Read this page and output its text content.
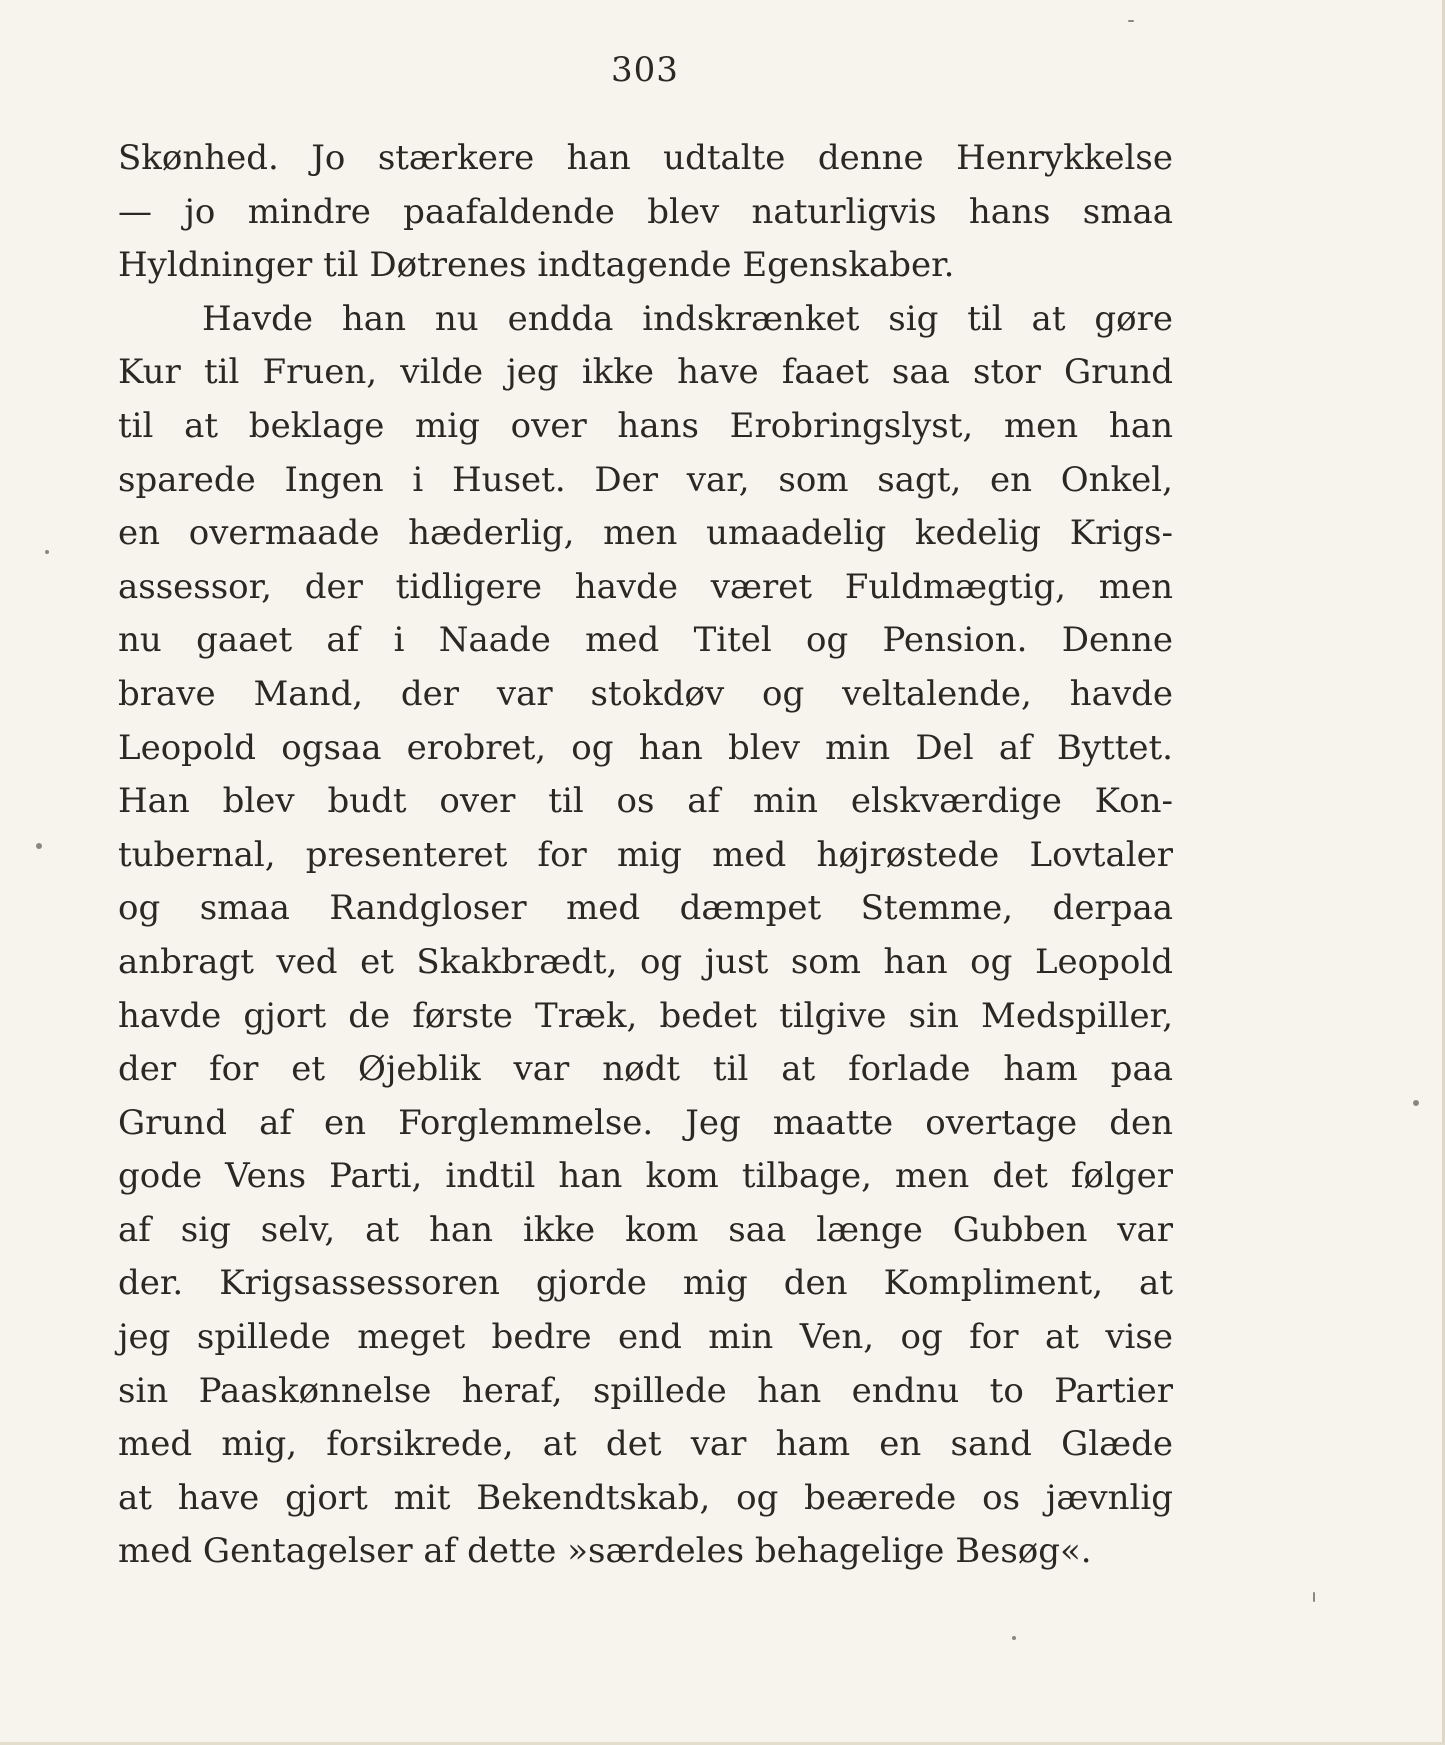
303
Skønhed. Jo stærkere han udtalte denne Henrykkelse
— jo mindre paafaldende blev naturligvis hans smaa
Hyldninger til Døtrenes indtagende Egenskaber.
Havde han nu endda indskrænket sig til at gøre
Kur til Fruen, vilde jeg ikke have faaet saa stor Grund
til at beklage mig over hans Erobringslyst, men han
sparede Ingen i Huset. Der var, som sagt, en Onkel,
en overmaade hæderlig, men umaadelig kedelig Krigs-
assessor, der tidligere havde været Fuldmægtig, men
nu gaaet af i Naade med Titel og Pension. Denne
brave Mand, der var stokdøv og veltalende, havde
Leopold ogsaa erobret, og han blev min Del af Byttet.
Han blev budt over til os af min elskværdige Kon-
tubernal, presenteret for mig med højrøstede Lovtaler
og smaa Randgloser med dæmpet Stemme, derpaa
anbragt ved et Skakbrædt, og just som han og Leopold
havde gjort de første Træk, bedet tilgive sin Medspiller,
der for et Øjeblik var nødt til at forlade ham paa
Grund af en Forglemmelse. Jeg maatte overtage den
gode Vens Parti, indtil han kom tilbage, men det følger
af sig selv, at han ikke kom saa længe Gubben var
der. Krigsassessoren gjorde mig den Kompliment, at
jeg spillede meget bedre end min Ven, og for at vise
sin Paaskønnelse heraf, spillede han endnu to Partier
med mig, forsikrede, at det var ham en sand Glæde
at have gjort mit Bekendtskab, og beærede os jævnlig
med Gentagelser af dette »særdeles behagelige Besøg«.
